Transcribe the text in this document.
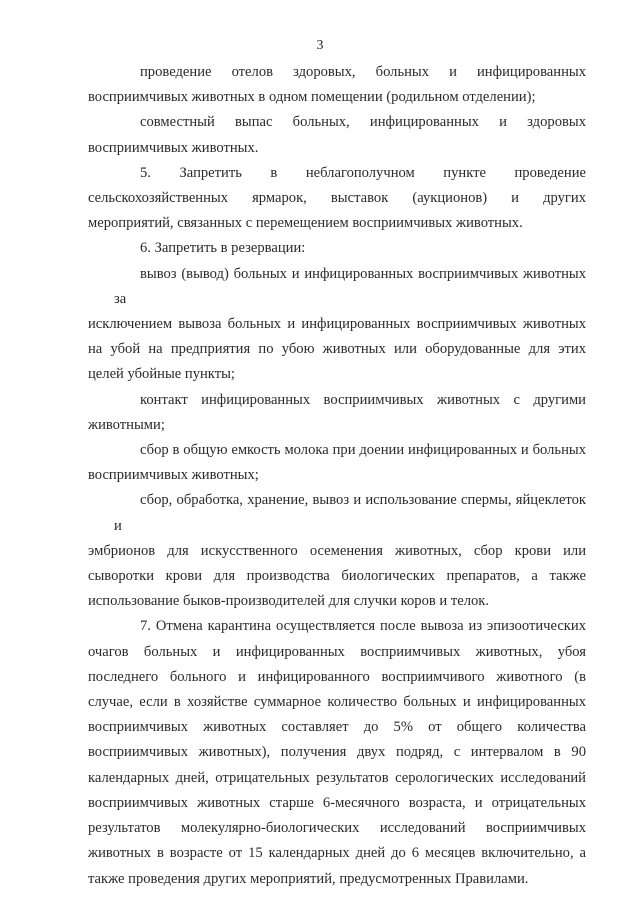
3
проведение отелов здоровых, больных и инфицированных
восприимчивых животных в одном помещении (родильном отделении);
совместный выпас больных, инфицированных и здоровых
восприимчивых животных.
5. Запретить в неблагополучном пункте проведение
сельскохозяйственных ярмарок, выставок (аукционов) и других
мероприятий, связанных с перемещением восприимчивых животных.
6. Запретить в резервации:
вывоз (вывод) больных и инфицированных восприимчивых животных за
исключением вывоза больных и инфицированных восприимчивых животных
на убой на предприятия по убою животных или оборудованные для этих
целей убойные пункты;
контакт инфицированных восприимчивых животных с другими
животными;
сбор в общую емкость молока при доении инфицированных и больных
восприимчивых животных;
сбор, обработка, хранение, вывоз и использование спермы, яйцеклеток и
эмбрионов для искусственного осеменения животных, сбор крови или
сыворотки крови для производства биологических препаратов, а также
использование быков-производителей для случки коров и телок.
7. Отмена карантина осуществляется после вывоза из эпизоотических
очагов больных и инфицированных восприимчивых животных, убоя
последнего больного и инфицированного восприимчивого животного (в
случае, если в хозяйстве суммарное количество больных и инфицированных
восприимчивых животных составляет до 5% от общего количества
восприимчивых животных), получения двух подряд, с интервалом в 90
календарных дней, отрицательных результатов серологических исследований
восприимчивых животных старше 6-месячного возраста, и отрицательных
результатов молекулярно-биологических исследований восприимчивых
животных в возрасте от 15 календарных дней до 6 месяцев включительно, а
также проведения других мероприятий, предусмотренных Правилами.
